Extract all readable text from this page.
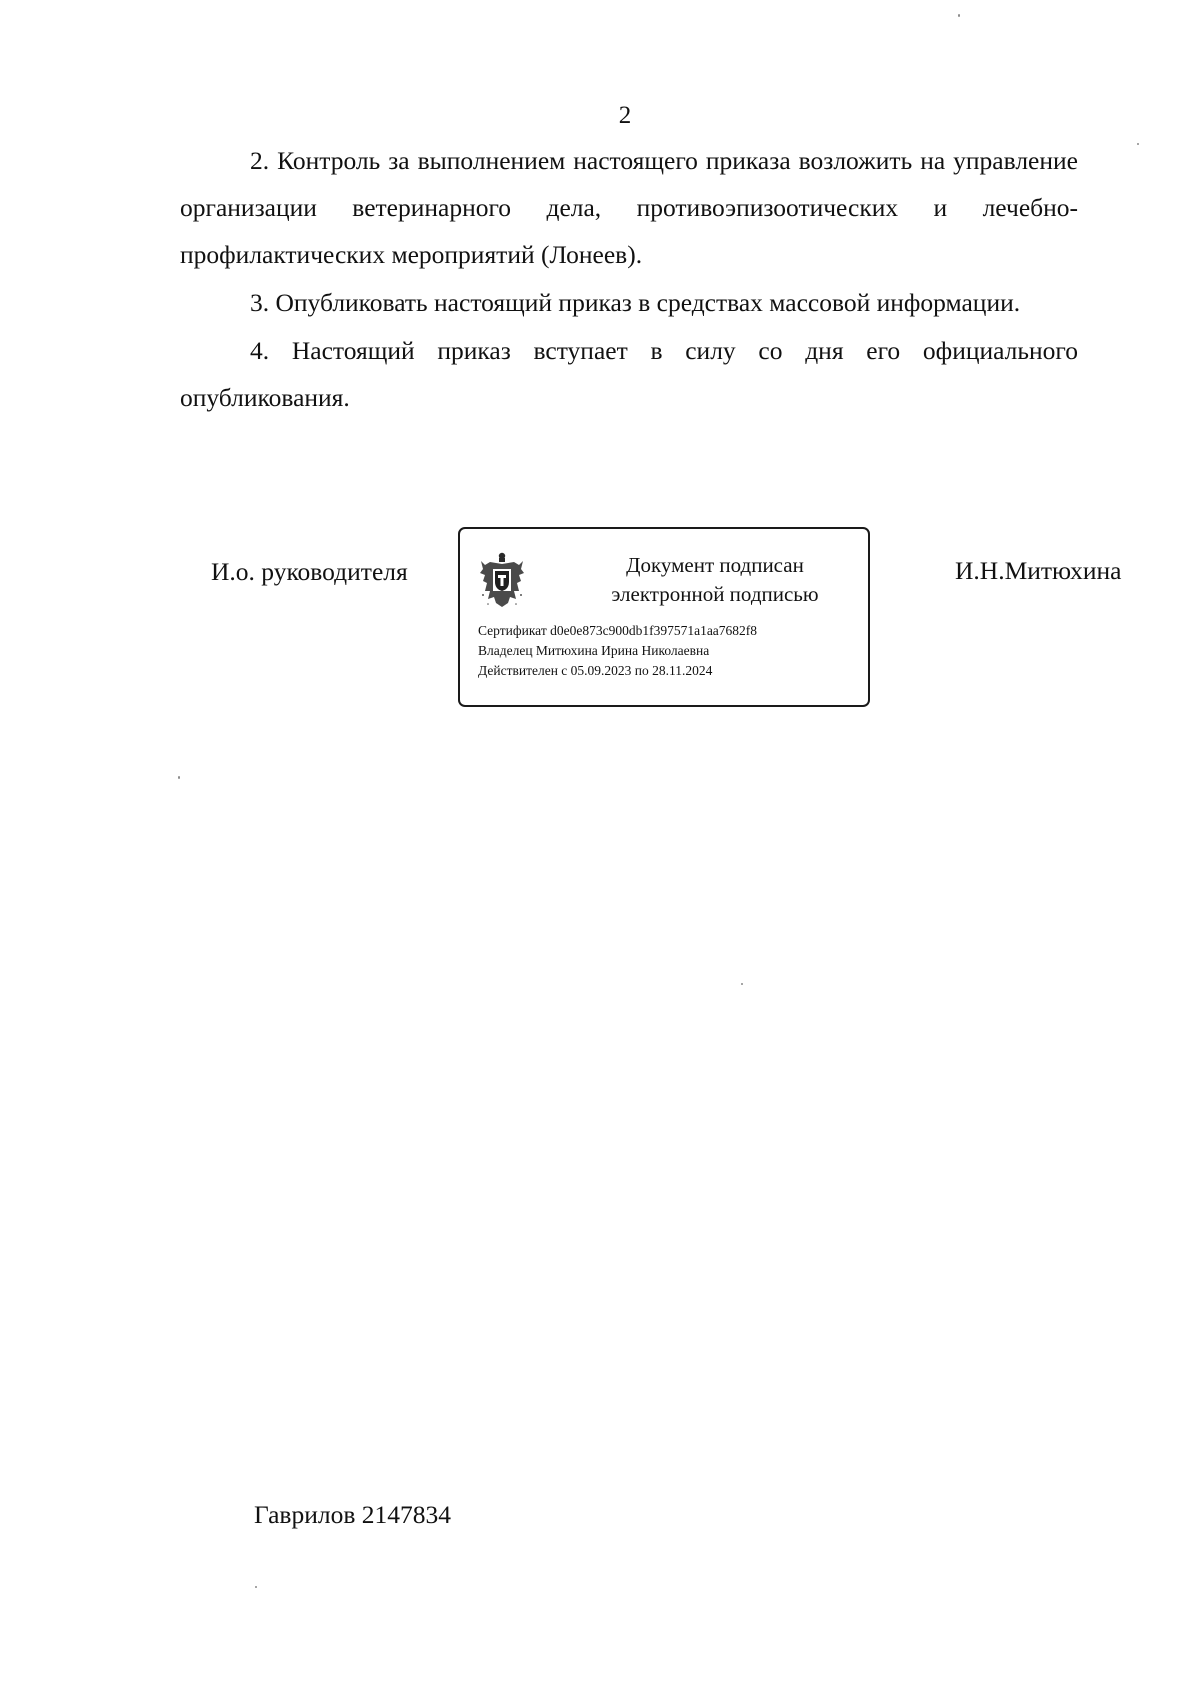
2

2. Контроль за выполнением настоящего приказа возложить на управление организации ветеринарного дела, противоэпизоотических и лечебно-профилактических мероприятий (Лонеев).

3. Опубликовать настоящий приказ в средствах массовой информации.

4. Настоящий приказ вступает в силу со дня его официального опубликования.

И.о. руководителя	Документ подписан
электронной подписью
Сертификат d0e0e873c900db1f397571a1aa7682f8
Владелец Митюхина Ирина Николаевна
Действителен с 05.09.2023 по 28.11.2024
И.Н.Митюхина
Гаврилов 2147834
